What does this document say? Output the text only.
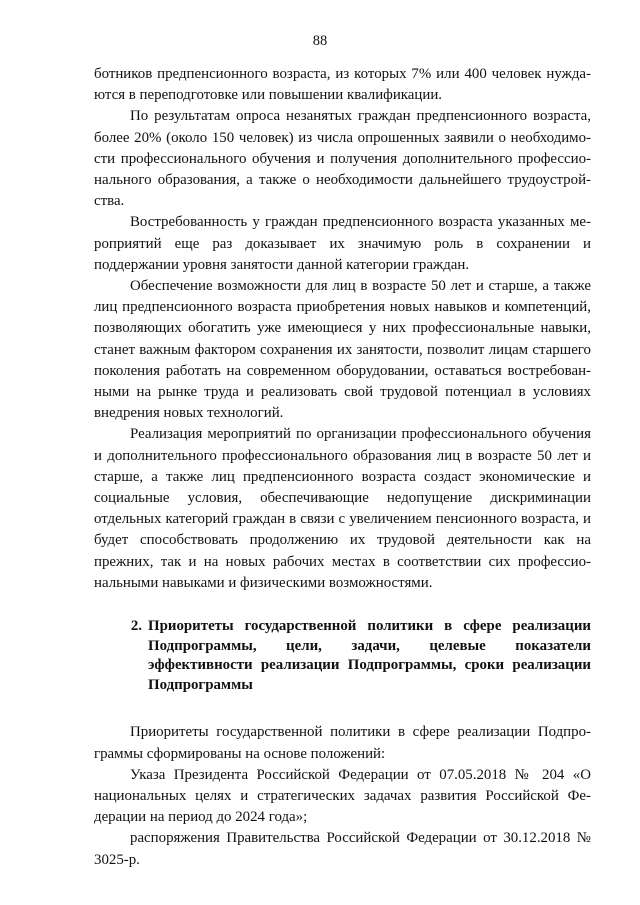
88

ботников предпенсионного возраста, из которых 7% или 400 человек нужда-ются в переподготовке или повышении квалификации.

По результатам опроса незанятых граждан предпенсионного возраста, более 20% (около 150 человек) из числа опрошенных заявили о необходимо-сти профессионального обучения и получения дополнительного профессио-нального образования, а также о необходимости дальнейшего трудоустрой-ства.

Востребованность у граждан предпенсионного возраста указанных ме-роприятий еще раз доказывает их значимую роль в сохранении и поддержании уровня занятости данной категории граждан.

Обеспечение возможности для лиц в возрасте 50 лет и старше, а также лиц предпенсионного возраста приобретения новых навыков и компетенций, позволяющих обогатить уже имеющиеся у них профессиональные навыки, станет важным фактором сохранения их занятости, позволит лицам старшего поколения работать на современном оборудовании, оставаться востребован-ными на рынке труда и реализовать свой трудовой потенциал в условиях внедрения новых технологий.

Реализация мероприятий по организации профессионального обучения и дополнительного профессионального образования лиц в возрасте 50 лет и старше, а также лиц предпенсионного возраста создаст экономические и социальные условия, обеспечивающие недопущение дискриминации отдельных категорий граждан в связи с увеличением пенсионного возраста, и будет способствовать продолжению их трудовой деятельности как на прежних, так и на новых рабочих местах в соответствии сих профессио-нальными навыками и физическими возможностями.

2. Приоритеты государственной политики в сфере реализации Подпрограммы, цели, задачи, целевые показатели эффективности реализации Подпрограммы, сроки реализации Подпрограммы

Приоритеты государственной политики в сфере реализации Подпро-граммы сформированы на основе положений:

Указа Президента Российской Федерации от 07.05.2018 № 204 «О национальных целях и стратегических задачах развития Российской Фе-дерации на период до 2024 года»;

распоряжения Правительства Российской Федерации от 30.12.2018 № 3025-р.
